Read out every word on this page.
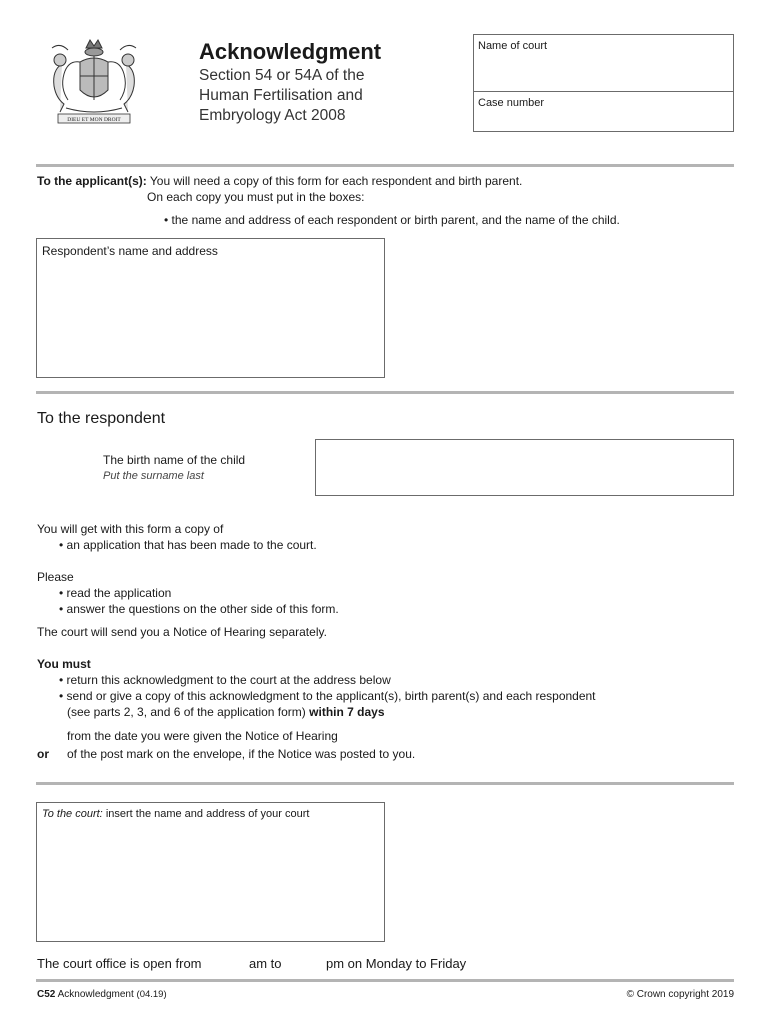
DIEU ET MON DROIT
Acknowledgment
Section 54 or 54A of the
Human Fertilisation and
Embryology Act 2008
Name of court
Case number
To the applicant(s): You will need a copy of this form for each respondent and birth parent.
On each copy you must put in the boxes:
• the name and address of each respondent or birth parent, and the name of the child.
Respondent’s name and address
To the respondent
The birth name of the child
Put the surname last
You will get with this form a copy of
• an application that has been made to the court.
Please
• read the application
• answer the questions on the other side of this form.
The court will send you a Notice of Hearing separately.
You must
• return this acknowledgment to the court at the address below
• send or give a copy of this acknowledgment to the applicant(s), birth parent(s) and each respondent
(see parts 2, 3, and 6 of the application form) within 7 days
from the date you were given the Notice of Hearing
or of the post mark on the envelope, if the Notice was posted to you.
To the court: insert the name and address of your court
The court office is open from	am to	pm on Monday to Friday
C52 Acknowledgment (04.19)	© Crown copyright 2019
